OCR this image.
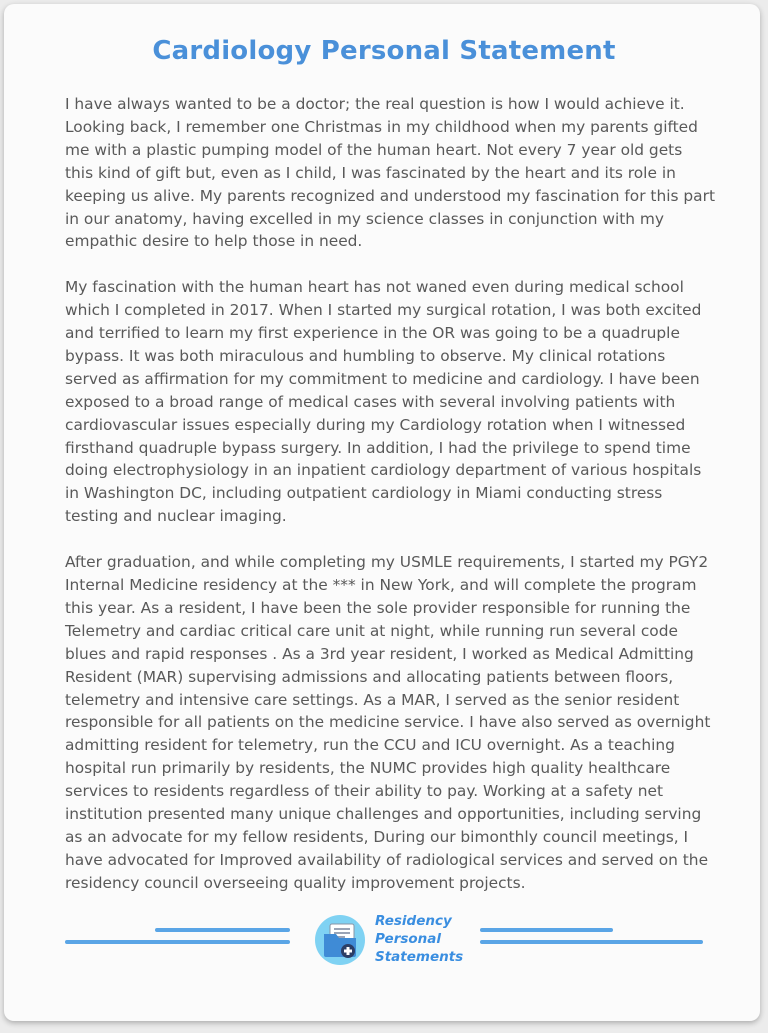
Cardiology Personal Statement

I have always wanted to be a doctor; the real question is how I would achieve it. Looking back, I remember one Christmas in my childhood when my parents gifted me with a plastic pumping model of the human heart. Not every 7 year old gets this kind of gift but, even as I child, I was fascinated by the heart and its role in keeping us alive. My parents recognized and understood my fascination for this part in our anatomy, having excelled in my science classes in conjunction with my empathic desire to help those in need.

My fascination with the human heart has not waned even during medical school which I completed in 2017. When I started my surgical rotation, I was both excited and terrified to learn my first experience in the OR was going to be a quadruple bypass. It was both miraculous and humbling to observe. My clinical rotations served as affirmation for my commitment to medicine and cardiology. I have been exposed to a broad range of medical cases with several involving patients with cardiovascular issues especially during my Cardiology rotation when I witnessed firsthand quadruple bypass surgery. In addition, I had the privilege to spend time doing electrophysiology in an inpatient cardiology department of various hospitals in Washington DC, including outpatient cardiology in Miami conducting stress testing and nuclear imaging.

After graduation, and while completing my USMLE requirements, I started my PGY2 Internal Medicine residency at the *** in New York, and will complete the program this year. As a resident, I have been the sole provider responsible for running the Telemetry and cardiac critical care unit at night, while running run several code blues and rapid responses . As a 3rd year resident, I worked as Medical Admitting Resident (MAR) supervising admissions and allocating patients between floors, telemetry and intensive care settings. As a MAR, I served as the senior resident responsible for all patients on the medicine service. I have also served as overnight admitting resident for telemetry, run the CCU and ICU overnight. As a teaching hospital run primarily by residents, the NUMC provides high quality healthcare services to residents regardless of their ability to pay. Working at a safety net institution presented many unique challenges and opportunities, including serving as an advocate for my fellow residents, During our bimonthly council meetings, I have advocated for Improved availability of radiological services and served on the residency council overseeing quality improvement projects.

Residency
Personal
Statements
